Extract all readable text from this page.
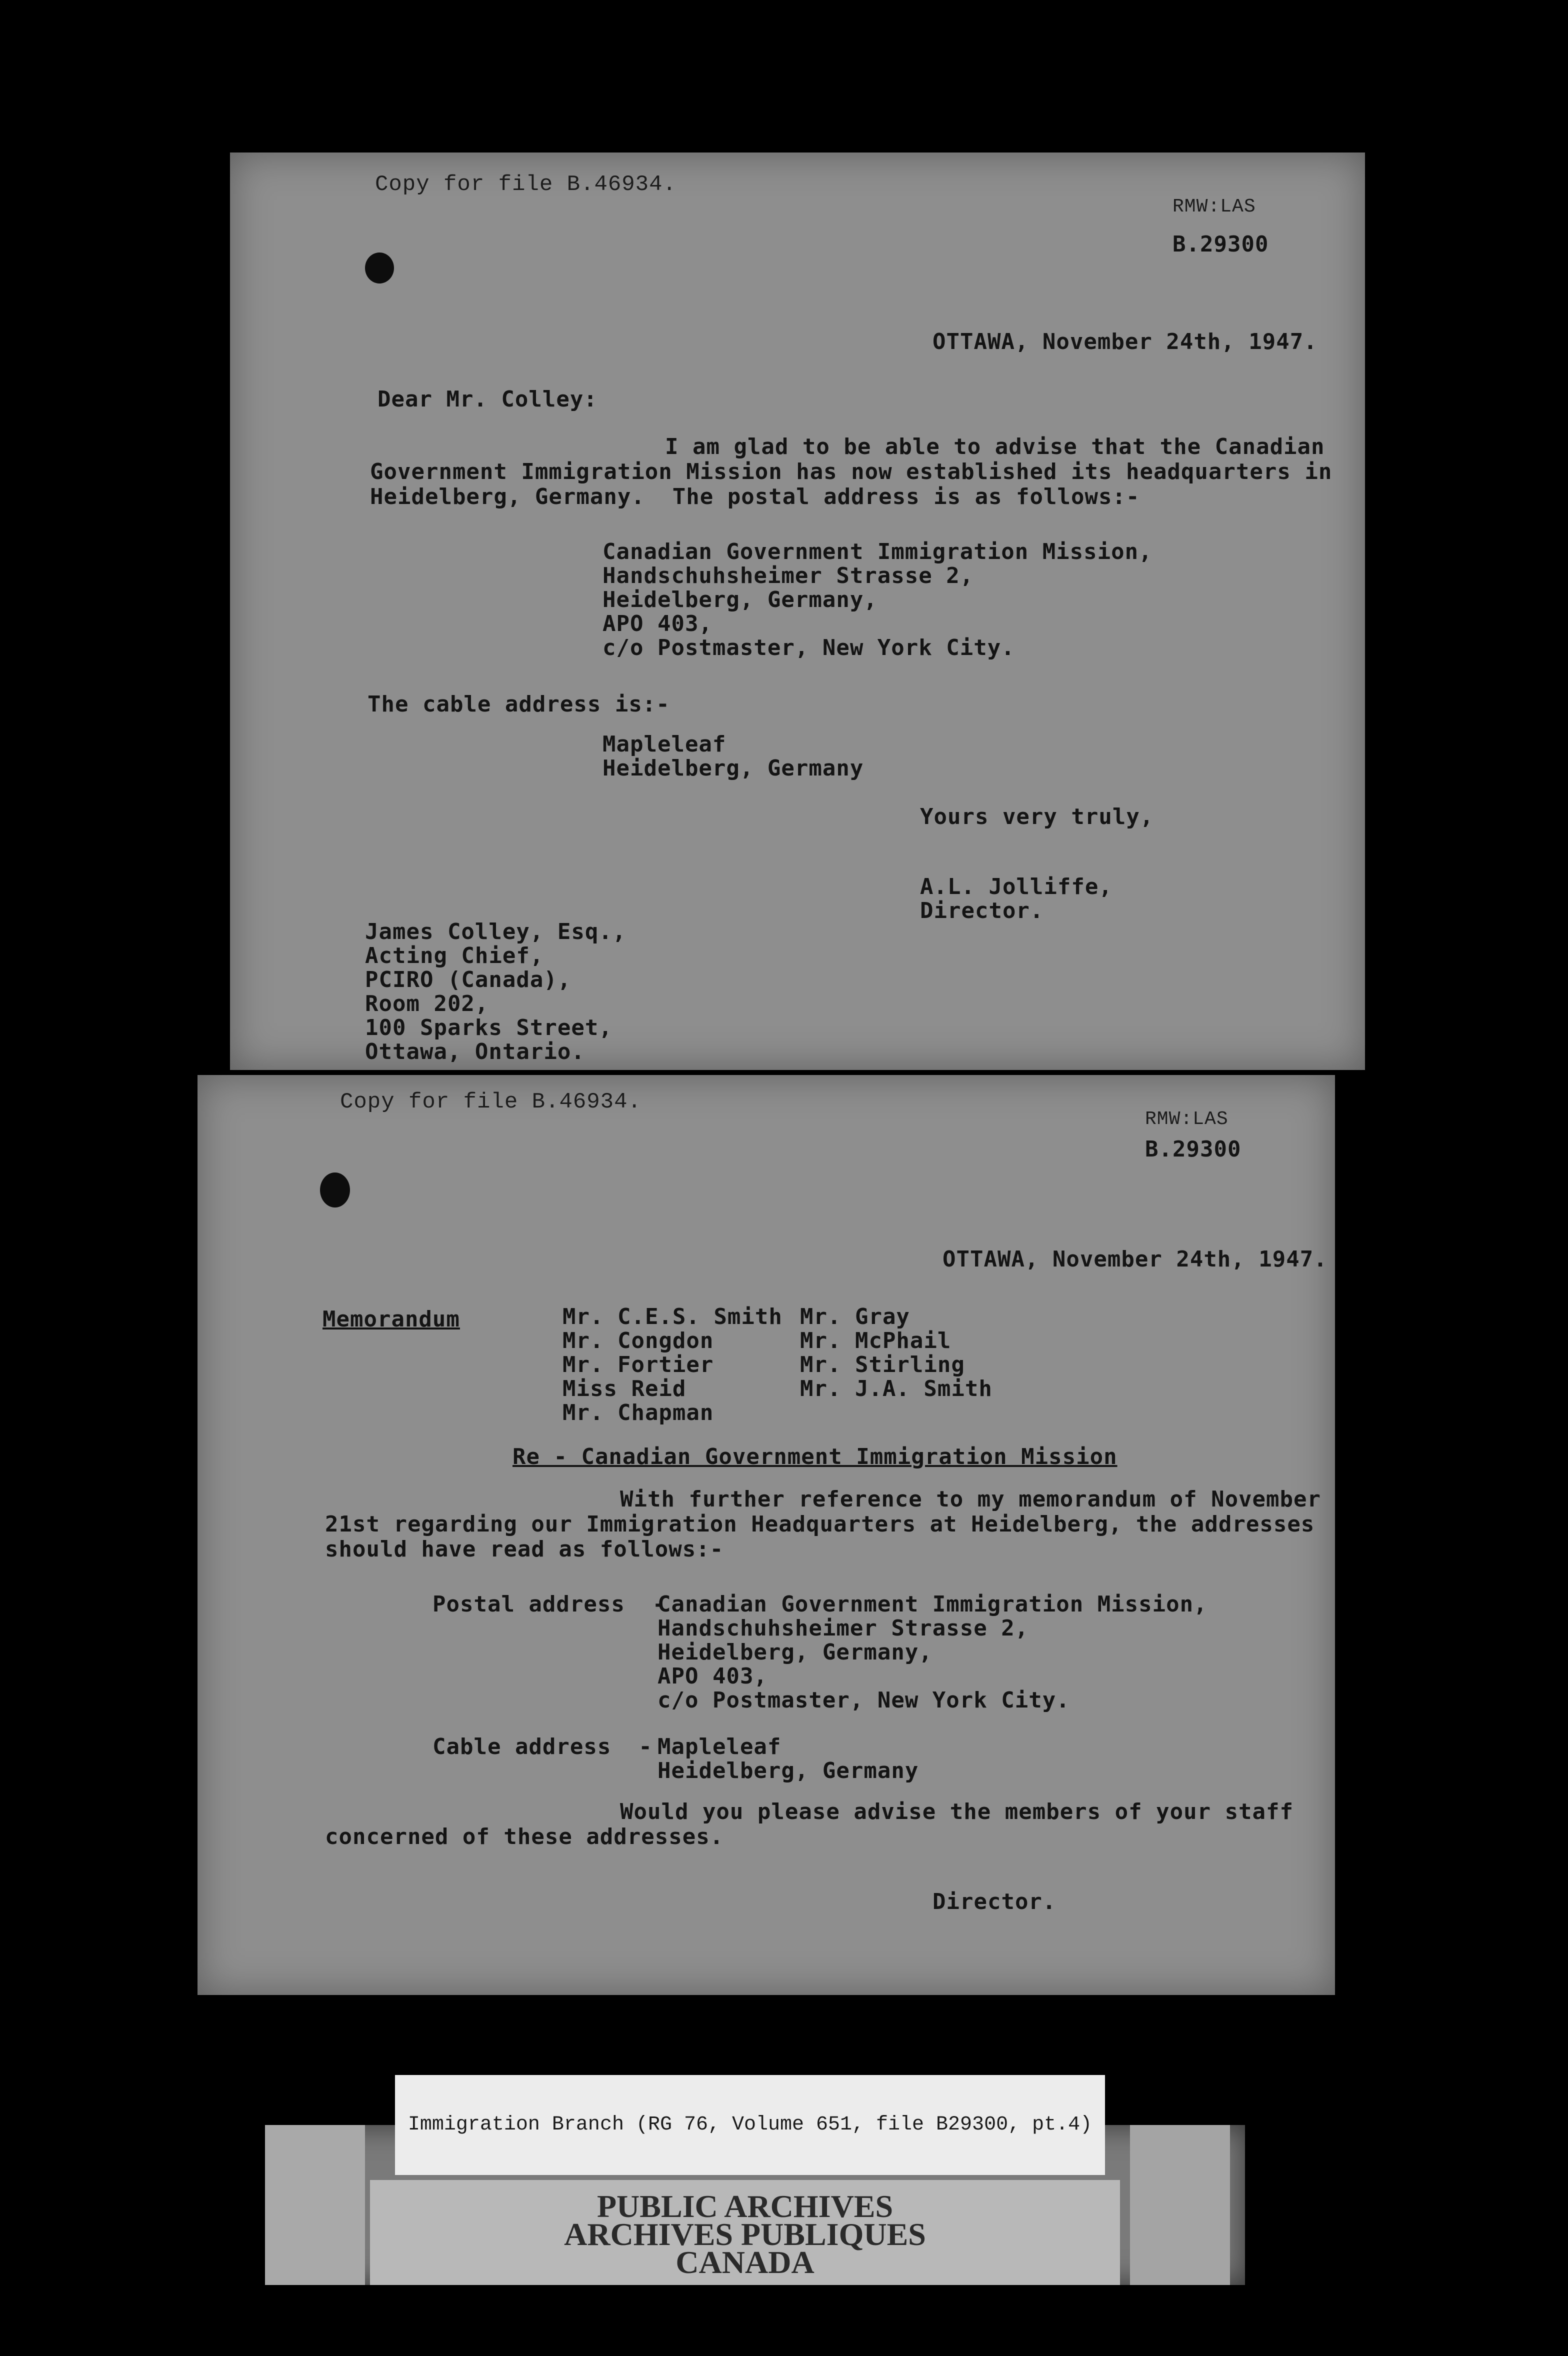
Copy for file B.46934.
RMW:LAS
B.29300
OTTAWA, November 24th, 1947.
Dear Mr. Colley:
I am glad to be able to advise that the Canadian
Government Immigration Mission has now established its headquarters in
Heidelberg, Germany.  The postal address is as follows:-
Canadian Government Immigration Mission,
Handschuhsheimer Strasse 2,
Heidelberg, Germany,
APO 403,
c/o Postmaster, New York City.
The cable address is:-
Mapleleaf
Heidelberg, Germany
Yours very truly,
A.L. Jolliffe,
Director.
James Colley, Esq.,
Acting Chief,
PCIRO (Canada),
Room 202,
100 Sparks Street,
Ottawa, Ontario.
Copy for file B.46934.
RMW:LAS
B.29300
OTTAWA, November 24th, 1947.
Memorandum	Mr. C.E.S. Smith
Mr. Congdon
Mr. Fortier
Miss Reid
Mr. Chapman
Mr. Gray
Mr. McPhail
Mr. Stirling
Mr. J.A. Smith
Re - Canadian Government Immigration Mission
With further reference to my memorandum of November
21st regarding our Immigration Headquarters at Heidelberg, the addresses
should have read as follows:-
Postal address  -
Canadian Government Immigration Mission,
Handschuhsheimer Strasse 2,
Heidelberg, Germany,
APO 403,
c/o Postmaster, New York City.
Cable address  - Mapleleaf
Heidelberg, Germany
Would you please advise the members of your staff
concerned of these addresses.
Director.
Immigration Branch (RG 76, Volume 651, file B29300, pt.4)
PUBLIC ARCHIVES
ARCHIVES PUBLIQUES
CANADA
